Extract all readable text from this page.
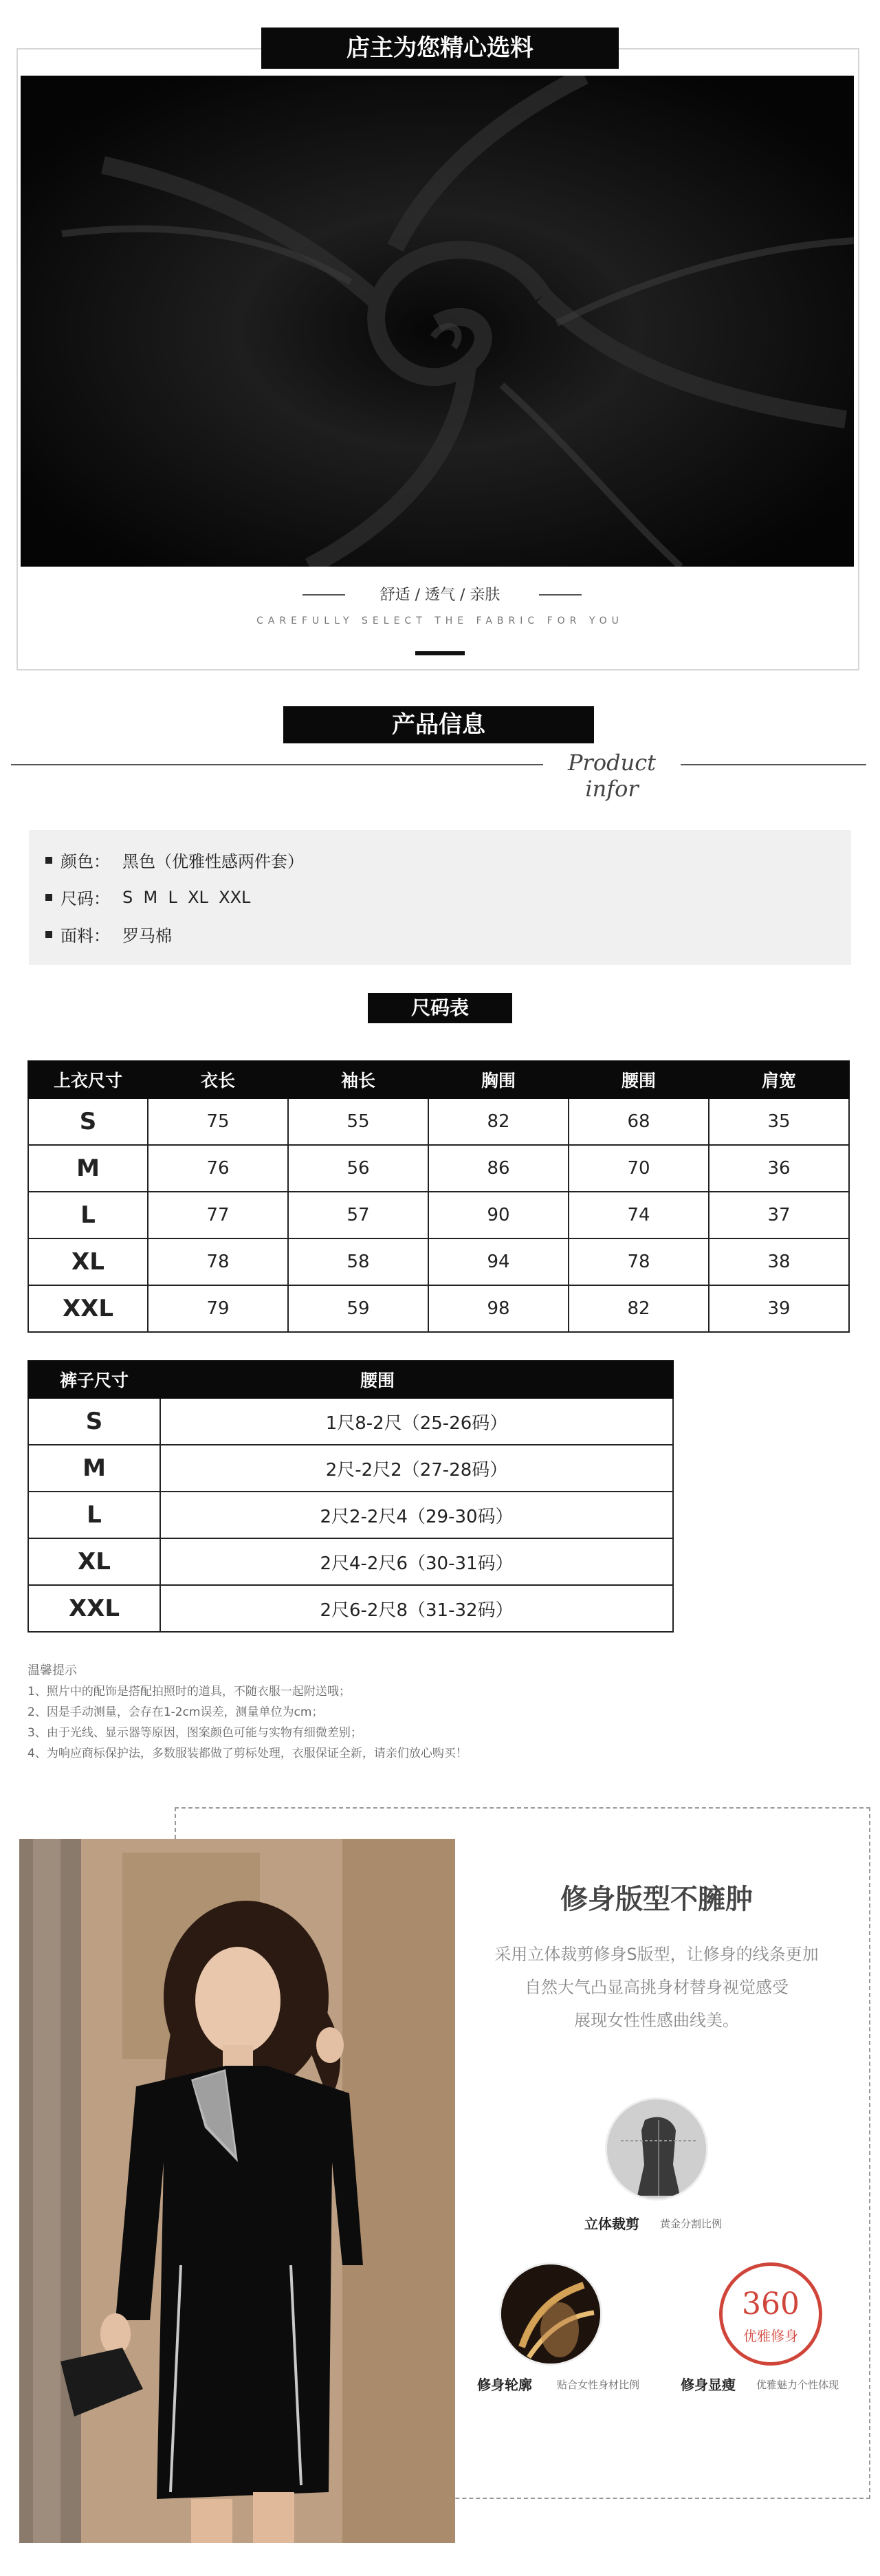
店主为您精心选料
舒适 / 透气 / 亲肤
CAREFULLY SELECT THE FABRIC FOR YOU
产品信息
Product infor
颜色： 黑色（优雅性感两件套）
尺码： S  M  L  XL  XXL
面料： 罗马棉
尺码表
上衣尺寸	衣长	袖长	胸围	腰围	肩宽
S	75	55	82	68	35
M	76	56	86	70	36
L	77	57	90	74	37
XL	78	58	94	78	38
XXL	79	59	98	82	39
裤子尺寸	腰围
S	1尺8-2尺（25-26码）
M	2尺-2尺2（27-28码）
L	2尺2-2尺4（29-30码）
XL	2尺4-2尺6（30-31码）
XXL	2尺6-2尺8（31-32码）
温馨提示
1、照片中的配饰是搭配拍照时的道具，不随衣服一起附送哦；
2、因是手动测量，会存在1-2cm误差，测量单位为cm；
3、由于光线、显示器等原因，图案颜色可能与实物有细微差别；
4、为响应商标保护法，多数服装都做了剪标处理，衣服保证全新，请亲们放心购买！
修身版型不臃肿
采用立体裁剪修身S版型，让修身的线条更加
自然大气凸显高挑身材替身视觉感受
展现女性性感曲线美。
立体裁剪 黄金分割比例
修身轮廓 贴合女性身材比例
360
优雅修身
修身显瘦 优雅魅力个性体现
